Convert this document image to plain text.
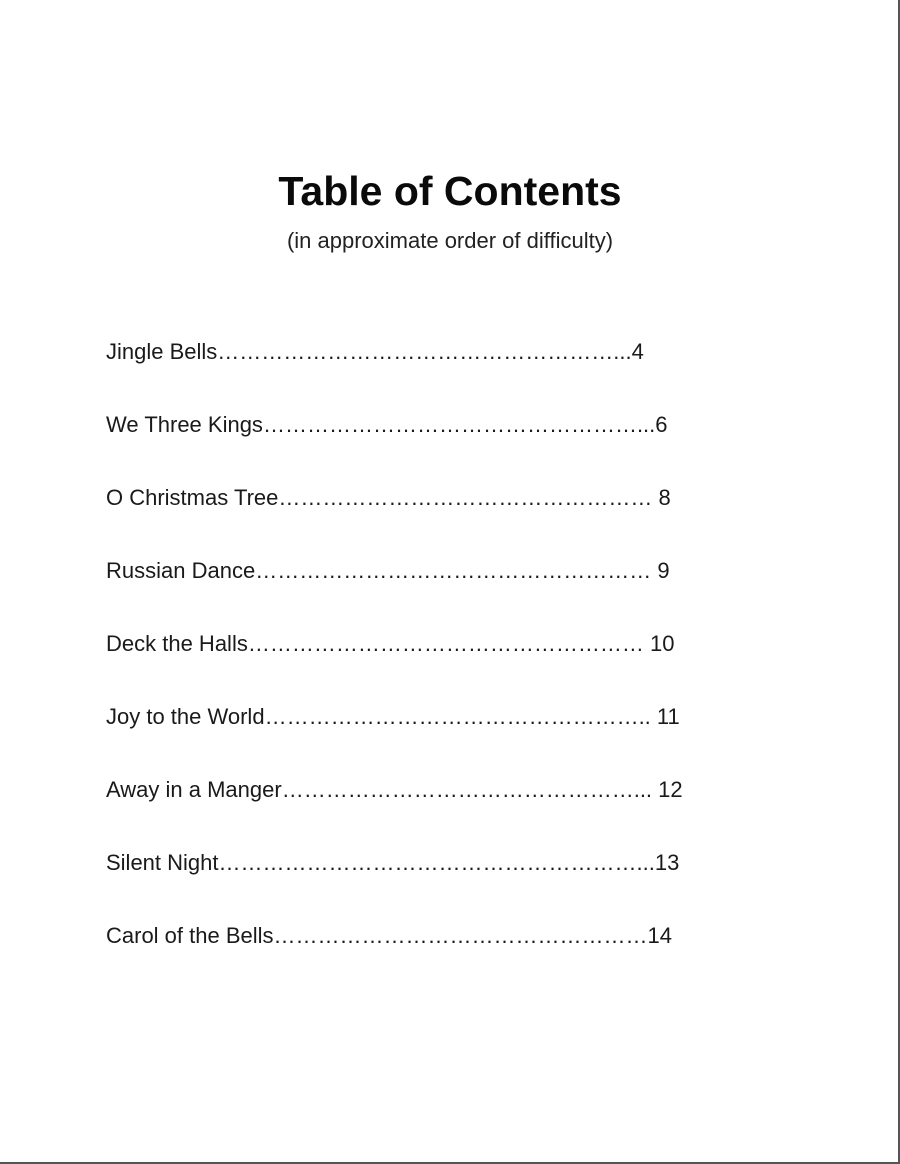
Table of Contents
(in approximate order of difficulty)
Jingle Bells………………………………………………...4
We Three Kings……………………………………………...6
O Christmas Tree…………………………………………… 8
Russian Dance……………………………………………… 9
Deck the Halls……………………………………………… 10
Joy to the World…………………………………………….. 11
Away in a Manger…………………………………………... 12
Silent Night…………………………………………………...13
Carol of the Bells……………………………………………14
